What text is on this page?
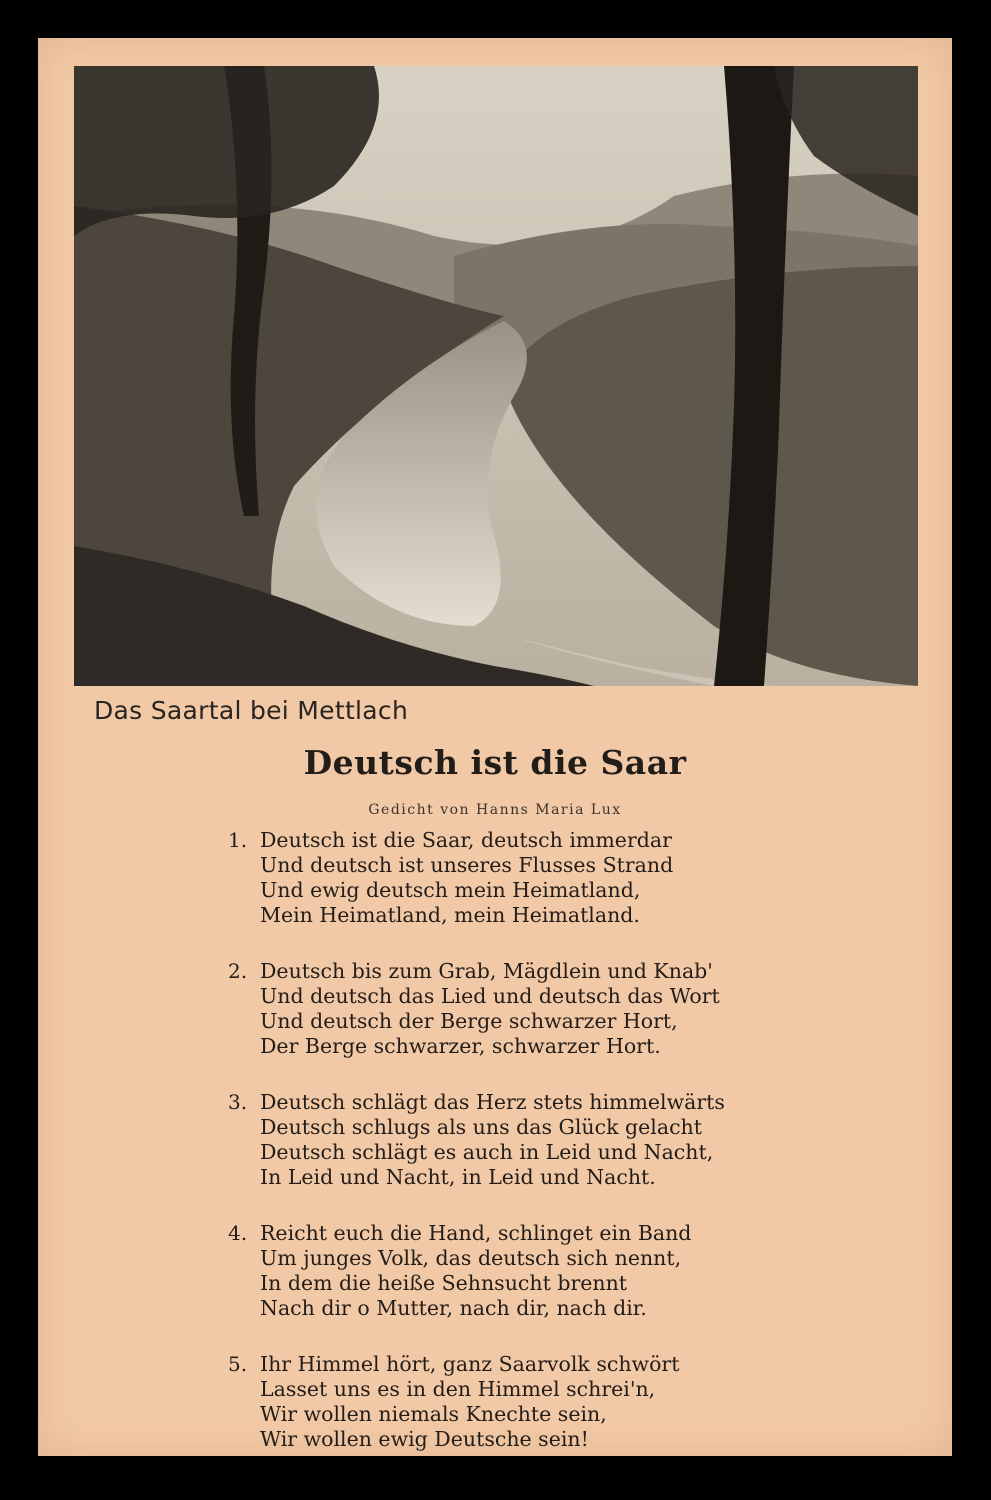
Das Saartal bei Mettlach
Deutsch ist die Saar
Gedicht von Hanns Maria Lux
1. Deutsch ist die Saar, deutsch immerdar
Und deutsch ist unseres Flusses Strand
Und ewig deutsch mein Heimatland,
Mein Heimatland, mein Heimatland.
2. Deutsch bis zum Grab, Mägdlein und Knab'
Und deutsch das Lied und deutsch das Wort
Und deutsch der Berge schwarzer Hort,
Der Berge schwarzer, schwarzer Hort.
3. Deutsch schlägt das Herz stets himmelwärts
Deutsch schlugs als uns das Glück gelacht
Deutsch schlägt es auch in Leid und Nacht,
In Leid und Nacht, in Leid und Nacht.
4. Reicht euch die Hand, schlinget ein Band
Um junges Volk, das deutsch sich nennt,
In dem die heiße Sehnsucht brennt
Nach dir o Mutter, nach dir, nach dir.
5. Ihr Himmel hört, ganz Saarvolk schwört
Lasset uns es in den Himmel schrei'n,
Wir wollen niemals Knechte sein,
Wir wollen ewig Deutsche sein!
